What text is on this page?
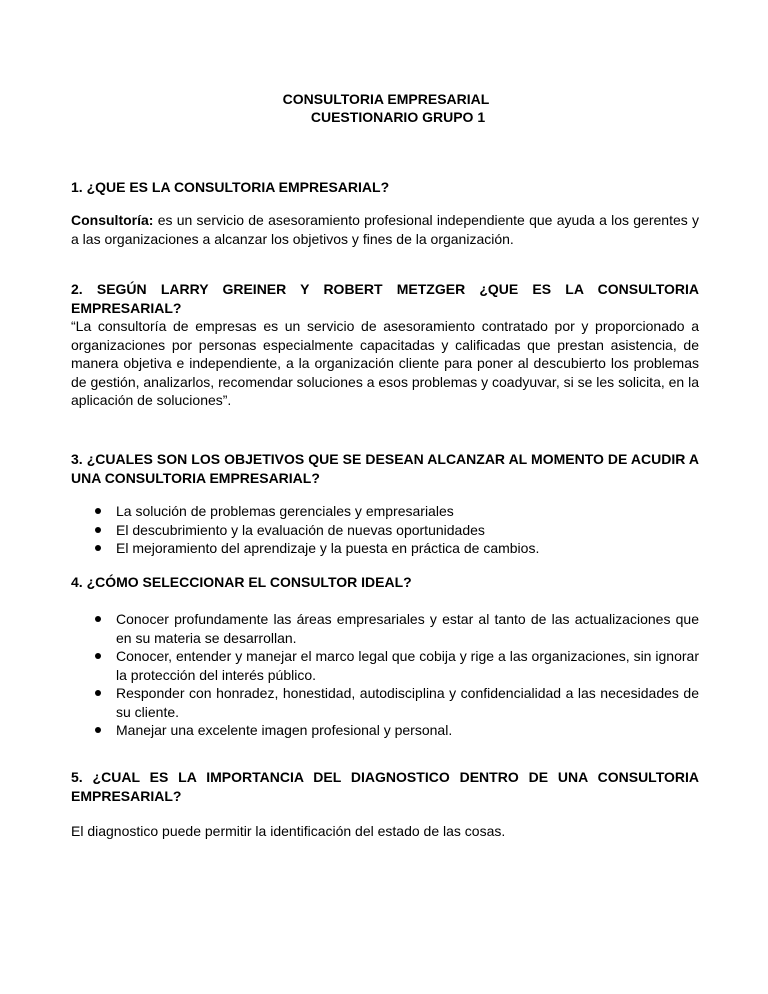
CONSULTORIA EMPRESARIAL
CUESTIONARIO GRUPO 1

1. ¿QUE ES LA CONSULTORIA EMPRESARIAL?

Consultoría: es un servicio de asesoramiento profesional independiente que ayuda a los gerentes y a las organizaciones a alcanzar los objetivos y fines de la organización.

2. SEGÚN LARRY GREINER Y ROBERT METZGER ¿QUE ES LA CONSULTORIA EMPRESARIAL?

“La consultoría de empresas es un servicio de asesoramiento contratado por y proporcionado a organizaciones por personas especialmente capacitadas y calificadas que prestan asistencia, de manera objetiva e independiente, a la organización cliente para poner al descubierto los problemas de gestión, analizarlos, recomendar soluciones a esos problemas y coadyuvar, si se les solicita, en la aplicación de soluciones”.

3. ¿CUALES SON LOS OBJETIVOS QUE SE DESEAN ALCANZAR AL MOMENTO DE ACUDIR A UNA CONSULTORIA EMPRESARIAL?

La solución de problemas gerenciales y empresariales
El descubrimiento y la evaluación de nuevas oportunidades
El mejoramiento del aprendizaje y la puesta en práctica de cambios.

4. ¿CÓMO SELECCIONAR EL CONSULTOR IDEAL?

Conocer profundamente las áreas empresariales y estar al tanto de las actualizaciones que en su materia se desarrollan.
Conocer, entender y manejar el marco legal que cobija y rige a las organizaciones, sin ignorar la protección del interés público.
Responder con honradez, honestidad, autodisciplina y confidencialidad a las necesidades de su cliente.
Manejar una excelente imagen profesional y personal.

5. ¿CUAL ES LA IMPORTANCIA DEL DIAGNOSTICO DENTRO DE UNA CONSULTORIA EMPRESARIAL?

El diagnostico puede permitir la identificación del estado de las cosas.
